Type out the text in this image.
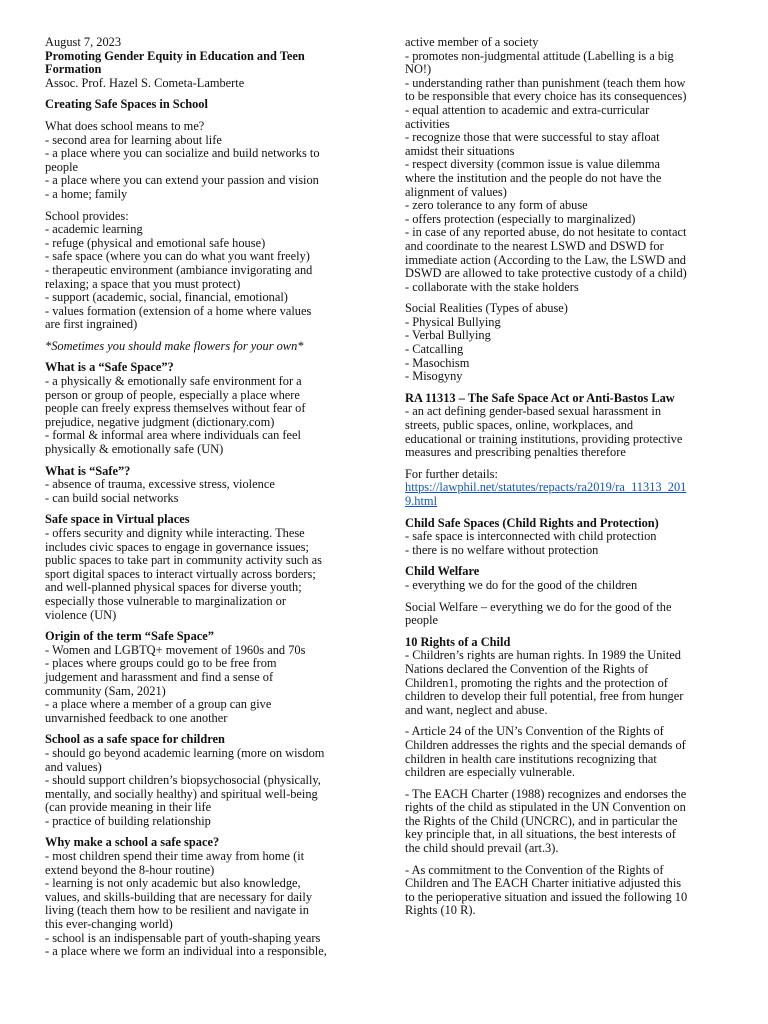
August 7, 2023
Promoting Gender Equity in Education and Teen
Formation
Assoc. Prof. Hazel S. Cometa-Lamberte
Creating Safe Spaces in School
What does school means to me?
- second area for learning about life
- a place where you can socialize and build networks to
people
- a place where you can extend your passion and vision
- a home; family
School provides:
- academic learning
- refuge (physical and emotional safe house)
- safe space (where you can do what you want freely)
- therapeutic environment (ambiance invigorating and
relaxing; a space that you must protect)
- support (academic, social, financial, emotional)
- values formation (extension of a home where values
are first ingrained)
*Sometimes you should make flowers for your own*
What is a “Safe Space”?
- a physically & emotionally safe environment for a
person or group of people, especially a place where
people can freely express themselves without fear of
prejudice, negative judgment (dictionary.com)
- formal & informal area where individuals can feel
physically & emotionally safe (UN)
What is “Safe”?
- absence of trauma, excessive stress, violence
- can build social networks
Safe space in Virtual places
- offers security and dignity while interacting. These
includes civic spaces to engage in governance issues;
public spaces to take part in community activity such as
sport digital spaces to interact virtually across borders;
and well-planned physical spaces for diverse youth;
especially those vulnerable to marginalization or
violence (UN)
Origin of the term “Safe Space”
- Women and LGBTQ+ movement of 1960s and 70s
- places where groups could go to be free from
judgement and harassment and find a sense of
community (Sam, 2021)
- a place where a member of a group can give
unvarnished feedback to one another
School as a safe space for children
- should go beyond academic learning (more on wisdom
and values)
- should support children’s biopsychosocial (physically,
mentally, and socially healthy) and spiritual well-being
(can provide meaning in their life
- practice of building relationship
Why make a school a safe space?
- most children spend their time away from home (it
extend beyond the 8-hour routine)
- learning is not only academic but also knowledge,
values, and skills-building that are necessary for daily
living (teach them how to be resilient and navigate in
this ever-changing world)
- school is an indispensable part of youth-shaping years
- a place where we form an individual into a responsible,
active member of a society
- promotes non-judgmental attitude (Labelling is a big
NO!)
- understanding rather than punishment (teach them how
to be responsible that every choice has its consequences)
- equal attention to academic and extra-curricular
activities
- recognize those that were successful to stay afloat
amidst their situations
- respect diversity (common issue is value dilemma
where the institution and the people do not have the
alignment of values)
- zero tolerance to any form of abuse
- offers protection (especially to marginalized)
- in case of any reported abuse, do not hesitate to contact
and coordinate to the nearest LSWD and DSWD for
immediate action (According to the Law, the LSWD and
DSWD are allowed to take protective custody of a child)
- collaborate with the stake holders
Social Realities (Types of abuse)
- Physical Bullying
- Verbal Bullying
- Catcalling
- Masochism
- Misogyny
RA 11313 – The Safe Space Act or Anti-Bastos Law
- an act defining gender-based sexual harassment in
streets, public spaces, online, workplaces, and
educational or training institutions, providing protective
measures and prescribing penalties therefore
For further details:
https://lawphil.net/statutes/repacts/ra2019/ra_11313_201
9.html
Child Safe Spaces (Child Rights and Protection)
- safe space is interconnected with child protection
- there is no welfare without protection
Child Welfare
- everything we do for the good of the children
Social Welfare – everything we do for the good of the
people
10 Rights of a Child
- Children’s rights are human rights. In 1989 the United
Nations declared the Convention of the Rights of
Children1, promoting the rights and the protection of
children to develop their full potential, free from hunger
and want, neglect and abuse.
- Article 24 of the UN’s Convention of the Rights of
Children addresses the rights and the special demands of
children in health care institutions recognizing that
children are especially vulnerable.
- The EACH Charter (1988) recognizes and endorses the
rights of the child as stipulated in the UN Convention on
the Rights of the Child (UNCRC), and in particular the
key principle that, in all situations, the best interests of
the child should prevail (art.3).
- As commitment to the Convention of the Rights of
Children and The EACH Charter initiative adjusted this
to the perioperative situation and issued the following 10
Rights (10 R).
